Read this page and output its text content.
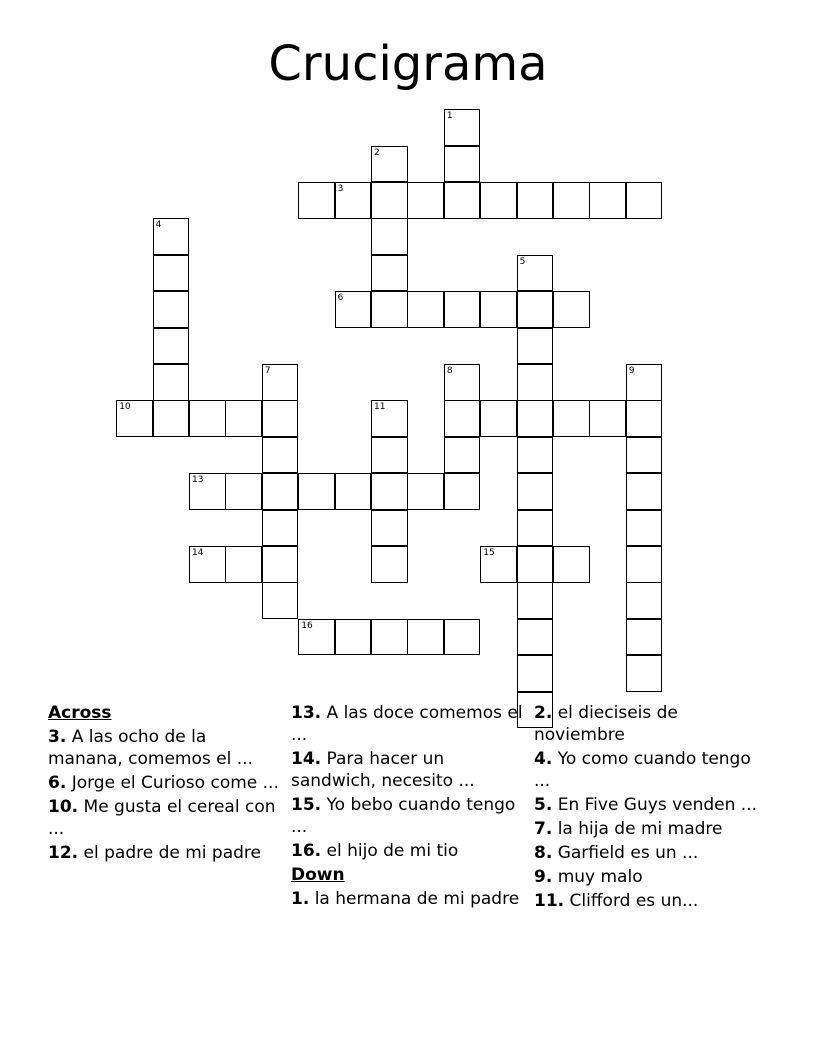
Crucigrama
1
2
3
4
5
6
7	8	9
10	11
13
14	15
16
Across
3. A las ocho de la manana, comemos el ...
6. Jorge el Curioso come ...
10. Me gusta el cereal con ...
12. el padre de mi padre
13. A las doce comemos el ...
14. Para hacer un sandwich, necesito ...
15. Yo bebo cuando tengo ...
16. el hijo de mi tio
Down
1. la hermana de mi padre
2. el dieciseis de noviembre
4. Yo como cuando tengo ...
5. En Five Guys venden ...
7. la hija de mi madre
8. Garfield es un ...
9. muy malo
11. Clifford es un...
